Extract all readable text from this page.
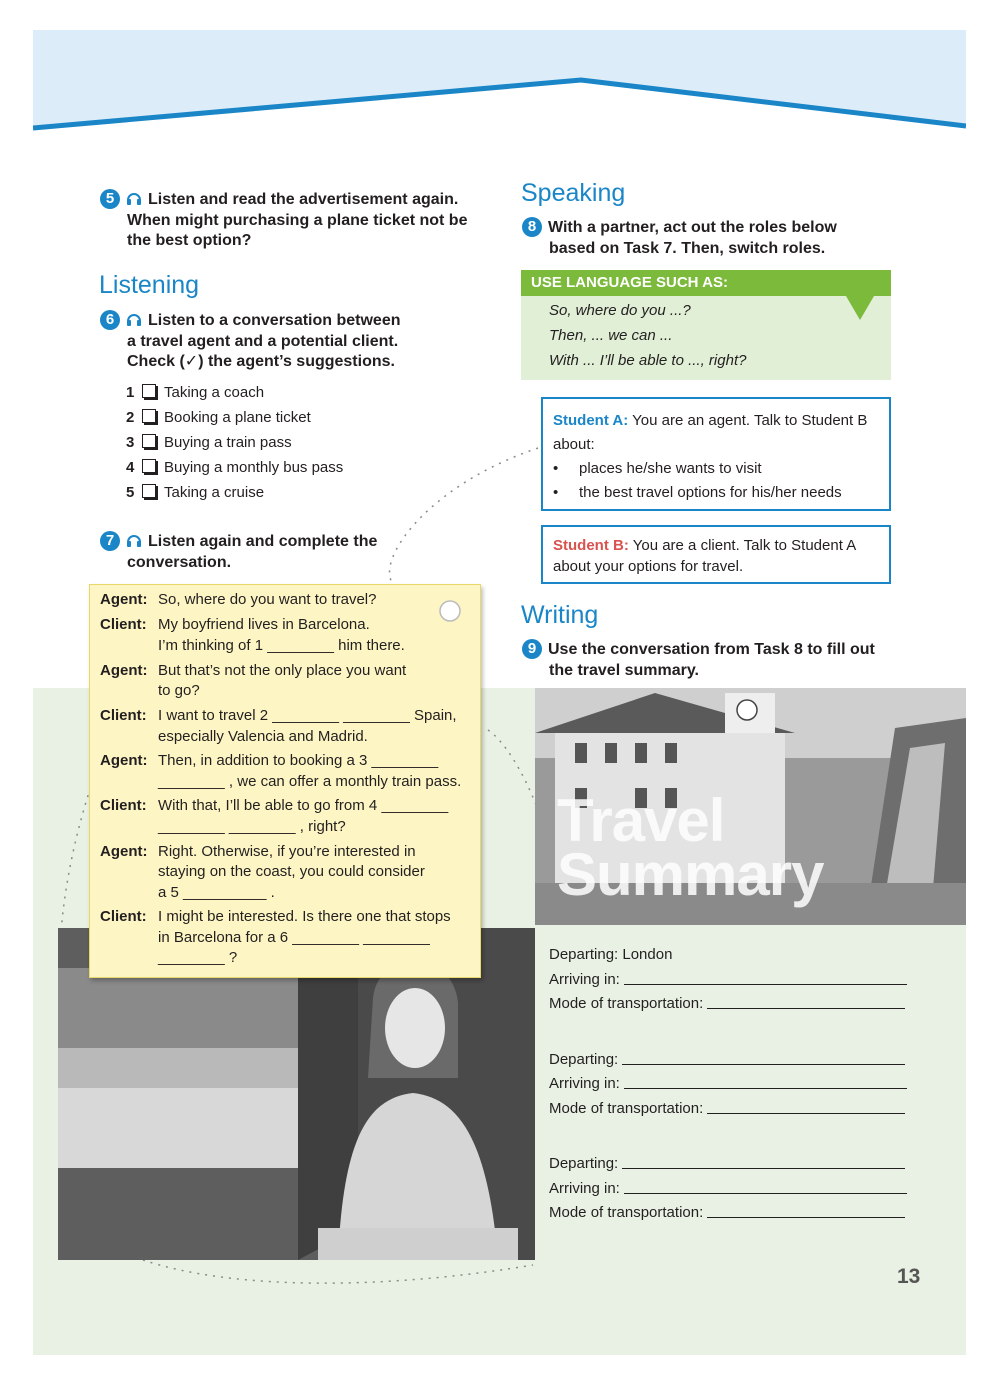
5 Listen and read the advertisement again.
When might purchasing a plane ticket not be
the best option?
Listening
6 Listen to a conversation between
a travel agent and a potential client.
Check (✓) the agent’s suggestions.
1 Taking a coach
2 Booking a plane ticket
3 Buying a train pass
4 Buying a monthly bus pass
5 Taking a cruise
7 Listen again and complete the
conversation.
Agent: So, where do you want to travel?
Client: My boyfriend lives in Barcelona.
I’m thinking of 1 ________ him there.
Agent: But that’s not the only place you want
to go?
Client: I want to travel 2 ________ ________ Spain,
especially Valencia and Madrid.
Agent: Then, in addition to booking a 3 ________
________ , we can offer a monthly train pass.
Client: With that, I’ll be able to go from 4 ________
________ ________ , right?
Agent: Right. Otherwise, if you’re interested in
staying on the coast, you could consider
a 5 __________ .
Client: I might be interested. Is there one that stops
in Barcelona for a 6 ________ ________
________ ?
Speaking
8 With a partner, act out the roles below
based on Task 7. Then, switch roles.
USE LANGUAGE SUCH AS:
So, where do you ...?
Then, ... we can ...
With ... I’ll be able to ..., right?
Student A: You are an agent. Talk to Student B
about:
• places he/she wants to visit
• the best travel options for his/her needs
Student B: You are a client. Talk to Student A
about your options for travel.
Writing
9 Use the conversation from Task 8 to fill out
the travel summary.
Travel
Summary
Departing: London
Arriving in:
Mode of transportation:
Departing:
Arriving in:
Mode of transportation:
Departing:
Arriving in:
Mode of transportation:
13
